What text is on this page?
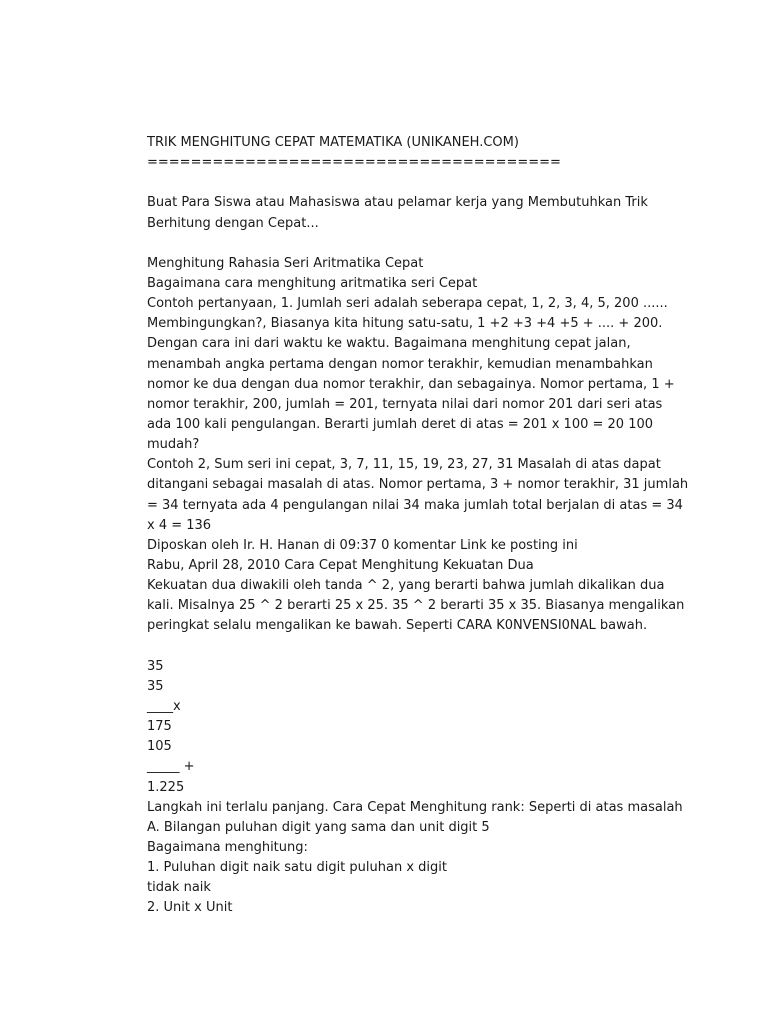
TRIK MENGHITUNG CEPAT MATEMATIKA (UNIKANEH.COM)
======================================
Buat Para Siswa atau Mahasiswa atau pelamar kerja yang Membutuhkan Trik
Berhitung dengan Cepat...
Menghitung Rahasia Seri Aritmatika Cepat
Bagaimana cara menghitung aritmatika seri Cepat
Contoh pertanyaan, 1. Jumlah seri adalah seberapa cepat, 1, 2, 3, 4, 5, 200 ......
Membingungkan?, Biasanya kita hitung satu-satu, 1 +2 +3 +4 +5 + .... + 200.
Dengan cara ini dari waktu ke waktu. Bagaimana menghitung cepat jalan,
menambah angka pertama dengan nomor terakhir, kemudian menambahkan
nomor ke dua dengan dua nomor terakhir, dan sebagainya. Nomor pertama, 1 +
nomor terakhir, 200, jumlah = 201, ternyata nilai dari nomor 201 dari seri atas
ada 100 kali pengulangan. Berarti jumlah deret di atas = 201 x 100 = 20 100
mudah?
Contoh 2, Sum seri ini cepat, 3, 7, 11, 15, 19, 23, 27, 31 Masalah di atas dapat
ditangani sebagai masalah di atas. Nomor pertama, 3 + nomor terakhir, 31 jumlah
= 34 ternyata ada 4 pengulangan nilai 34 maka jumlah total berjalan di atas = 34
x 4 = 136
Diposkan oleh Ir. H. Hanan di 09:37 0 komentar Link ke posting ini
Rabu, April 28, 2010 Cara Cepat Menghitung Kekuatan Dua
Kekuatan dua diwakili oleh tanda ^ 2, yang berarti bahwa jumlah dikalikan dua
kali. Misalnya 25 ^ 2 berarti 25 x 25. 35 ^ 2 berarti 35 x 35. Biasanya mengalikan
peringkat selalu mengalikan ke bawah. Seperti CARA K0NVENSI0NAL bawah.
35
35
____x
175
105
_____ +
1.225
Langkah ini terlalu panjang. Cara Cepat Menghitung rank: Seperti di atas masalah
A. Bilangan puluhan digit yang sama dan unit digit 5
Bagaimana menghitung:
1. Puluhan digit naik satu digit puluhan x digit
tidak naik
2. Unit x Unit
